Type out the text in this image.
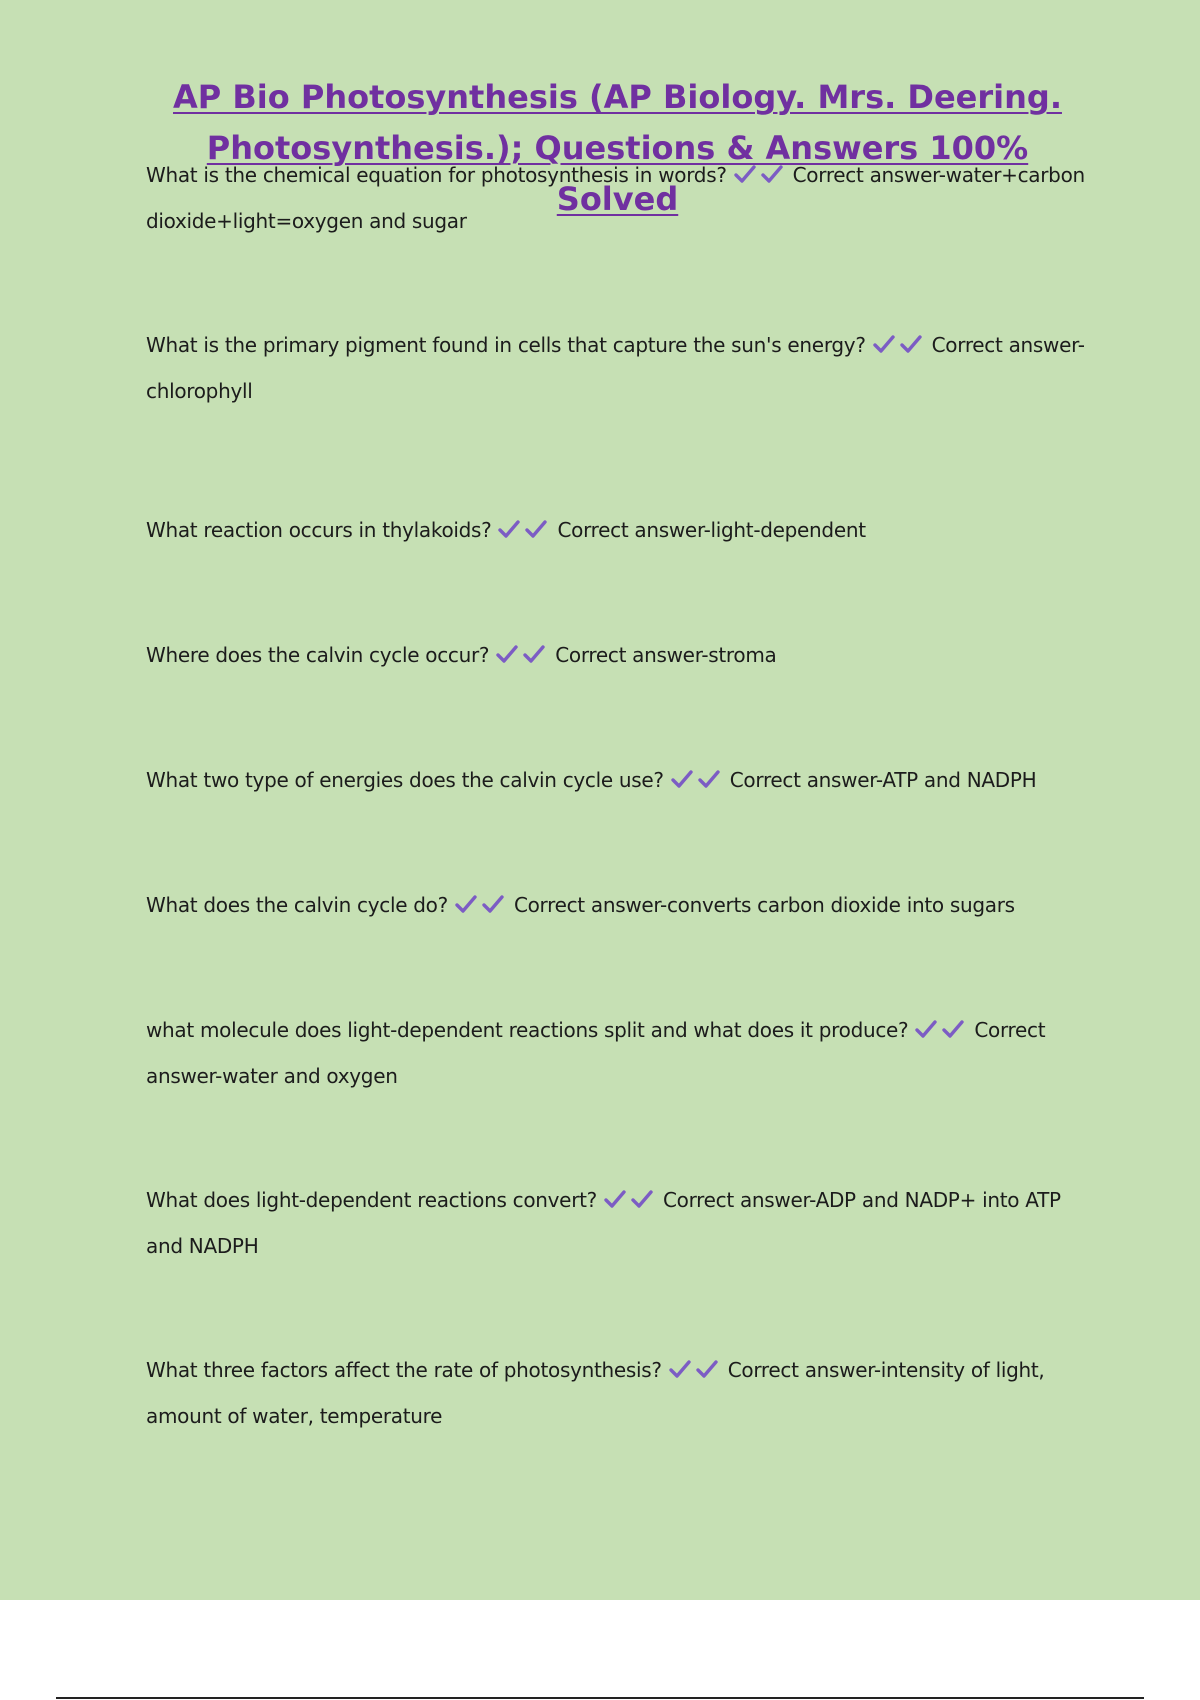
AP Bio Photosynthesis (AP Biology. Mrs. Deering. Photosynthesis.); Questions & Answers 100% Solved

What is the chemical equation for photosynthesis in words?	Correct answer-water+carbon dioxide+light=oxygen and sugar

What is the primary pigment found in cells that capture the sun's energy?	Correct answer-chlorophyll

What reaction occurs in thylakoids?	Correct answer-light-dependent

Where does the calvin cycle occur?	Correct answer-stroma

What two type of energies does the calvin cycle use?	Correct answer-ATP and NADPH

What does the calvin cycle do?	Correct answer-converts carbon dioxide into sugars

what molecule does light-dependent reactions split and what does it produce?	Correct answer-water and oxygen

What does light-dependent reactions convert?	Correct answer-ADP and NADP+ into ATP and NADPH

What three factors affect the rate of photosynthesis?	Correct answer-intensity of light, amount of water, temperature
